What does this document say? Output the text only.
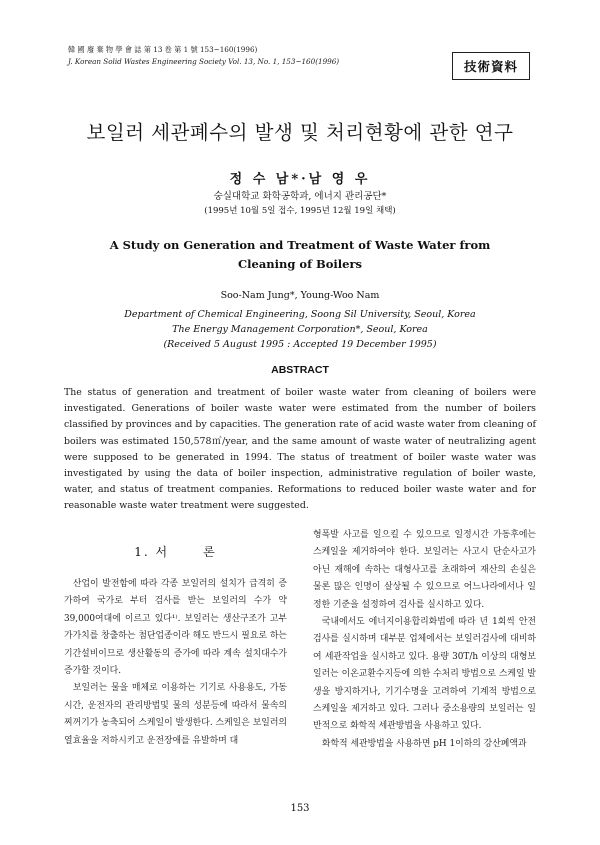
韓 國 廢 棄 物 學 會 誌 第 13 卷 第 1 號 153~160(1996)
J. Korean Solid Wastes Engineering Society Vol. 13, No. 1, 153~160(1996)	技術資料
보일러 세관폐수의 발생 및 처리현황에 관한 연구
정 수 남*·남 영 우
숭실대학교 화학공학과, 에너지 관리공단*
(1995년 10월 5일 접수, 1995년 12월 19일 채택)
A Study on Generation and Treatment of Waste Water from
Cleaning of Boilers
Soo-Nam Jung*, Young-Woo Nam
Department of Chemical Engineering, Soong Sil University, Seoul, Korea
The Energy Management Corporation*, Seoul, Korea
(Received 5 August 1995 : Accepted 19 December 1995)
ABSTRACT
The status of generation and treatment of boiler waste water from cleaning of boilers were investigated. Generations of boiler waste water were estimated from the number of boilers classified by provinces and by capacities. The generation rate of acid waste water from cleaning of boilers was estimated 150,578㎥/year, and the same amount of waste water of neutralizing agent were supposed to be generated in 1994. The status of treatment of boiler waste water was investigated by using the data of boiler inspection, administrative regulation of boiler waste, water, and status of treatment companies. Reformations to reduced boiler waste water and for reasonable waste water treatment were suggested.
1. 서	론

산업이 발전함에 따라 각종 보일러의 설치가 급격히 증가하여 국가로 부터 검사를 받는 보일러의 수가 약 39,000여대에 이르고 있다¹⁾. 보일러는 생산구조가 고부가가치를 창출하는 첨단업종이라 해도 반드시 필요로 하는 기간설비이므로 생산활동의 증가에 따라 계속 설치대수가 증가할 것이다.

보일러는 물을 매체로 이용하는 기기로 사용용도, 가동시간, 운전자의 관리방법및 물의 성분등에 따라서 물속의 찌꺼기가 농축되어 스케일이 발생한다. 스케일은 보일러의 열효율을 저하시키고 운전장애를 유발하며 대

형폭발 사고를 일으킬 수 있으므로 일정시간 가동후에는 스케일을 제거하여야 한다. 보일러는 사고시 단순사고가 아닌 재해에 속하는 대형사고를 초래하여 재산의 손실은 물론 많은 인명이 살상될 수 있으므로 어느나라에서나 일정한 기준을 설정하여 검사를 실시하고 있다.

국내에서도 에너지이용합리화법에 따라 년 1회씩 안전검사를 실시하며 대부분 업체에서는 보일러검사에 대비하여 세관작업을 실시하고 있다. 용량 30T/h 이상의 대형보일러는 이온교환수지등에 의한 수처리 방법으로 스케일 발생을 방지하거나, 기기수명을 고려하여 기계적 방법으로 스케일을 제거하고 있다. 그러나 중소용량의 보일러는 일반적으로 화학적 세관방법을 사용하고 있다.

화학적 세관방법을 사용하면 pH 1이하의 강산폐액과

153
